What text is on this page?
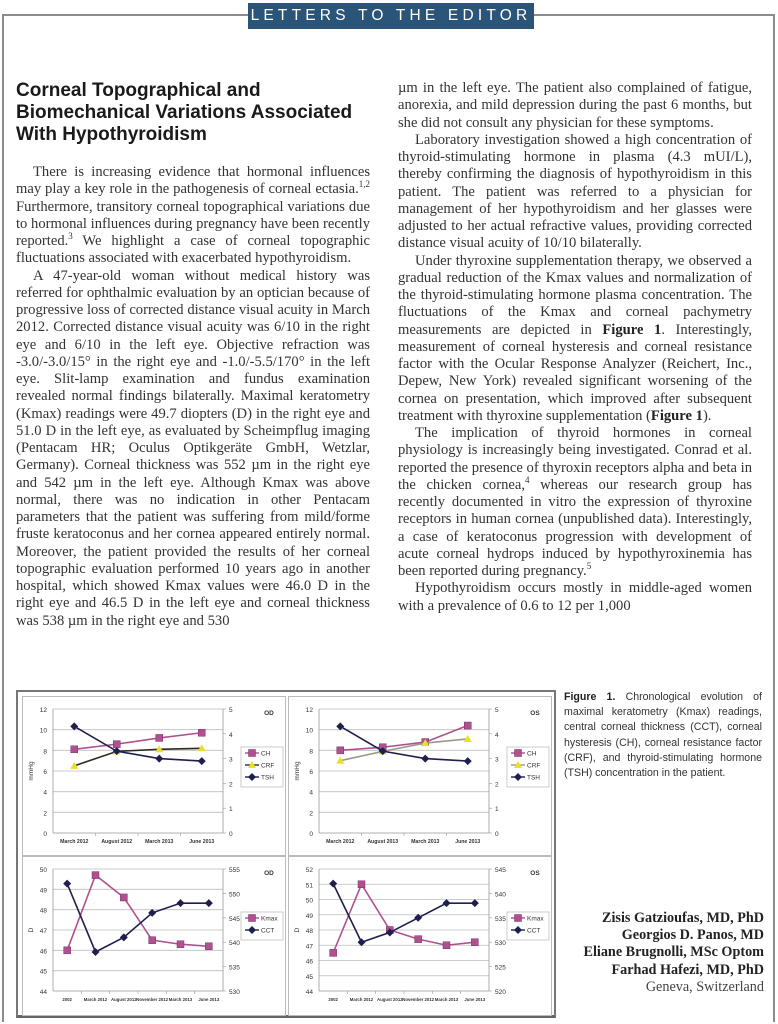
LETTERS TO THE EDITOR
Corneal Topographical and Biomechanical Variations Associated With Hypothyroidism

There is increasing evidence that hormonal influences may play a key role in the pathogenesis of corneal ectasia.$^{1,2}$ Furthermore, transitory corneal topographical variations due to hormonal influences during pregnancy have been recently reported.$^3$ We highlight a case of corneal topographic fluctuations associated with exacerbated hypothyroidism.

A 47-year-old woman without medical history was referred for ophthalmic evaluation by an optician because of progressive loss of corrected distance visual acuity in March 2012. Corrected distance visual acuity was 6/10 in the right eye and 6/10 in the left eye. Objective refraction was -3.0/-3.0/15° in the right eye and -1.0/-5.5/170° in the left eye. Slit-lamp examination and fundus examination revealed normal findings bilaterally. Maximal keratometry (Kmax) readings were 49.7 diopters (D) in the right eye and 51.0 D in the left eye, as evaluated by Scheimpflug imaging (Pentacam HR; Oculus Optikgeräte GmbH, Wetzlar, Germany). Corneal thickness was 552 µm in the right eye and 542 µm in the left eye. Although Kmax was above normal, there was no indication in other Pentacam parameters that the patient was suffering from mild/forme fruste keratoconus and her cornea appeared entirely normal. Moreover, the patient provided the results of her corneal topographic evaluation performed 10 years ago in another hospital, which showed Kmax values were 46.0 D in the right eye and 46.5 D in the left eye and corneal thickness was 538 µm in the right eye and 530

µm in the left eye. The patient also complained of fatigue, anorexia, and mild depression during the past 6 months, but she did not consult any physician for these symptoms.

Laboratory investigation showed a high concentration of thyroid-stimulating hormone in plasma (4.3 mUI/L), thereby confirming the diagnosis of hypothyroidism in this patient. The patient was referred to a physician for management of her hypothyroidism and her glasses were adjusted to her actual refractive values, providing corrected distance visual acuity of 10/10 bilaterally.

Under thyroxine supplementation therapy, we observed a gradual reduction of the Kmax values and normalization of the thyroid-stimulating hormone plasma concentration. The fluctuations of the Kmax and corneal pachymetry measurements are depicted in Figure 1. Interestingly, measurement of corneal hysteresis and corneal resistance factor with the Ocular Response Analyzer (Reichert, Inc., Depew, New York) revealed significant worsening of the cornea on presentation, which improved after subsequent treatment with thyroxine supplementation (Figure 1).

The implication of thyroid hormones in corneal physiology is increasingly being investigated. Conrad et al. reported the presence of thyroxin receptors alpha and beta in the chicken cornea,$^4$ whereas our research group has recently documented in vitro the expression of thyroxine receptors in human cornea (unpublished data). Interestingly, a case of keratoconus progression with development of acute corneal hydrops induced by hypothyroxinemia has been reported during pregnancy.$^5$

Hypothyroidism occurs mostly in middle-aged women with a prevalence of 0.6 to 12 per 1,000

0
2
4
6
8
10
12
0
1
2
3
4
5
mmHg
OD
March 2012 August 2012 March 2013	June 2013
CH
CRF
TSH
0
2
4
6
8
10
12
0
1
2
3
4
5
mmHg
OS
March 2012 August 2013 March 2013	June 2013
CH
CRF
TSH
44
45
46
47
48
49
50
530
535
540
545
550
555
D
OD
2002	March 2012 August 2012 November 2012 March 2013 June 2013
Kmax
CCT
44
45
46
47
48
49
50
51
52
520
525
530
535
540
545
D
OS
2002	March 2012 August 2012 November 2012 March 2013 June 2013
Kmax
CCT
Figure 1. Chronological evolution of maximal keratometry (Kmax) readings, central corneal thickness (CCT), corneal hysteresis (CH), corneal resistance factor (CRF), and thyroid-stimulating hormone (TSH) concentration in the patient.
Zisis Gatzioufas, MD, PhD
Georgios D. Panos, MD
Eliane Brugnolli, MSc Optom
Farhad Hafezi, MD, PhD
Geneva, Switzerland
